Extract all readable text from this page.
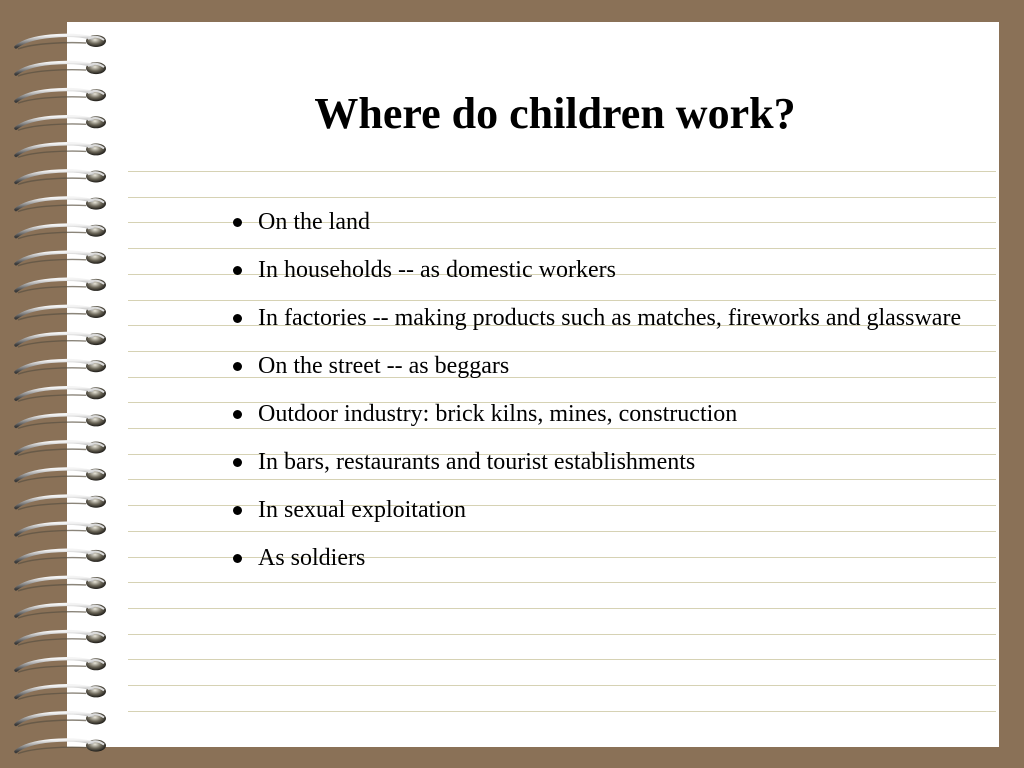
Where do children work?
On the land
In households -- as domestic workers
In factories -- making products such as matches, fireworks and glassware
On the street -- as beggars
Outdoor industry: brick kilns, mines, construction
In bars, restaurants and tourist establishments
In sexual exploitation
As soldiers
